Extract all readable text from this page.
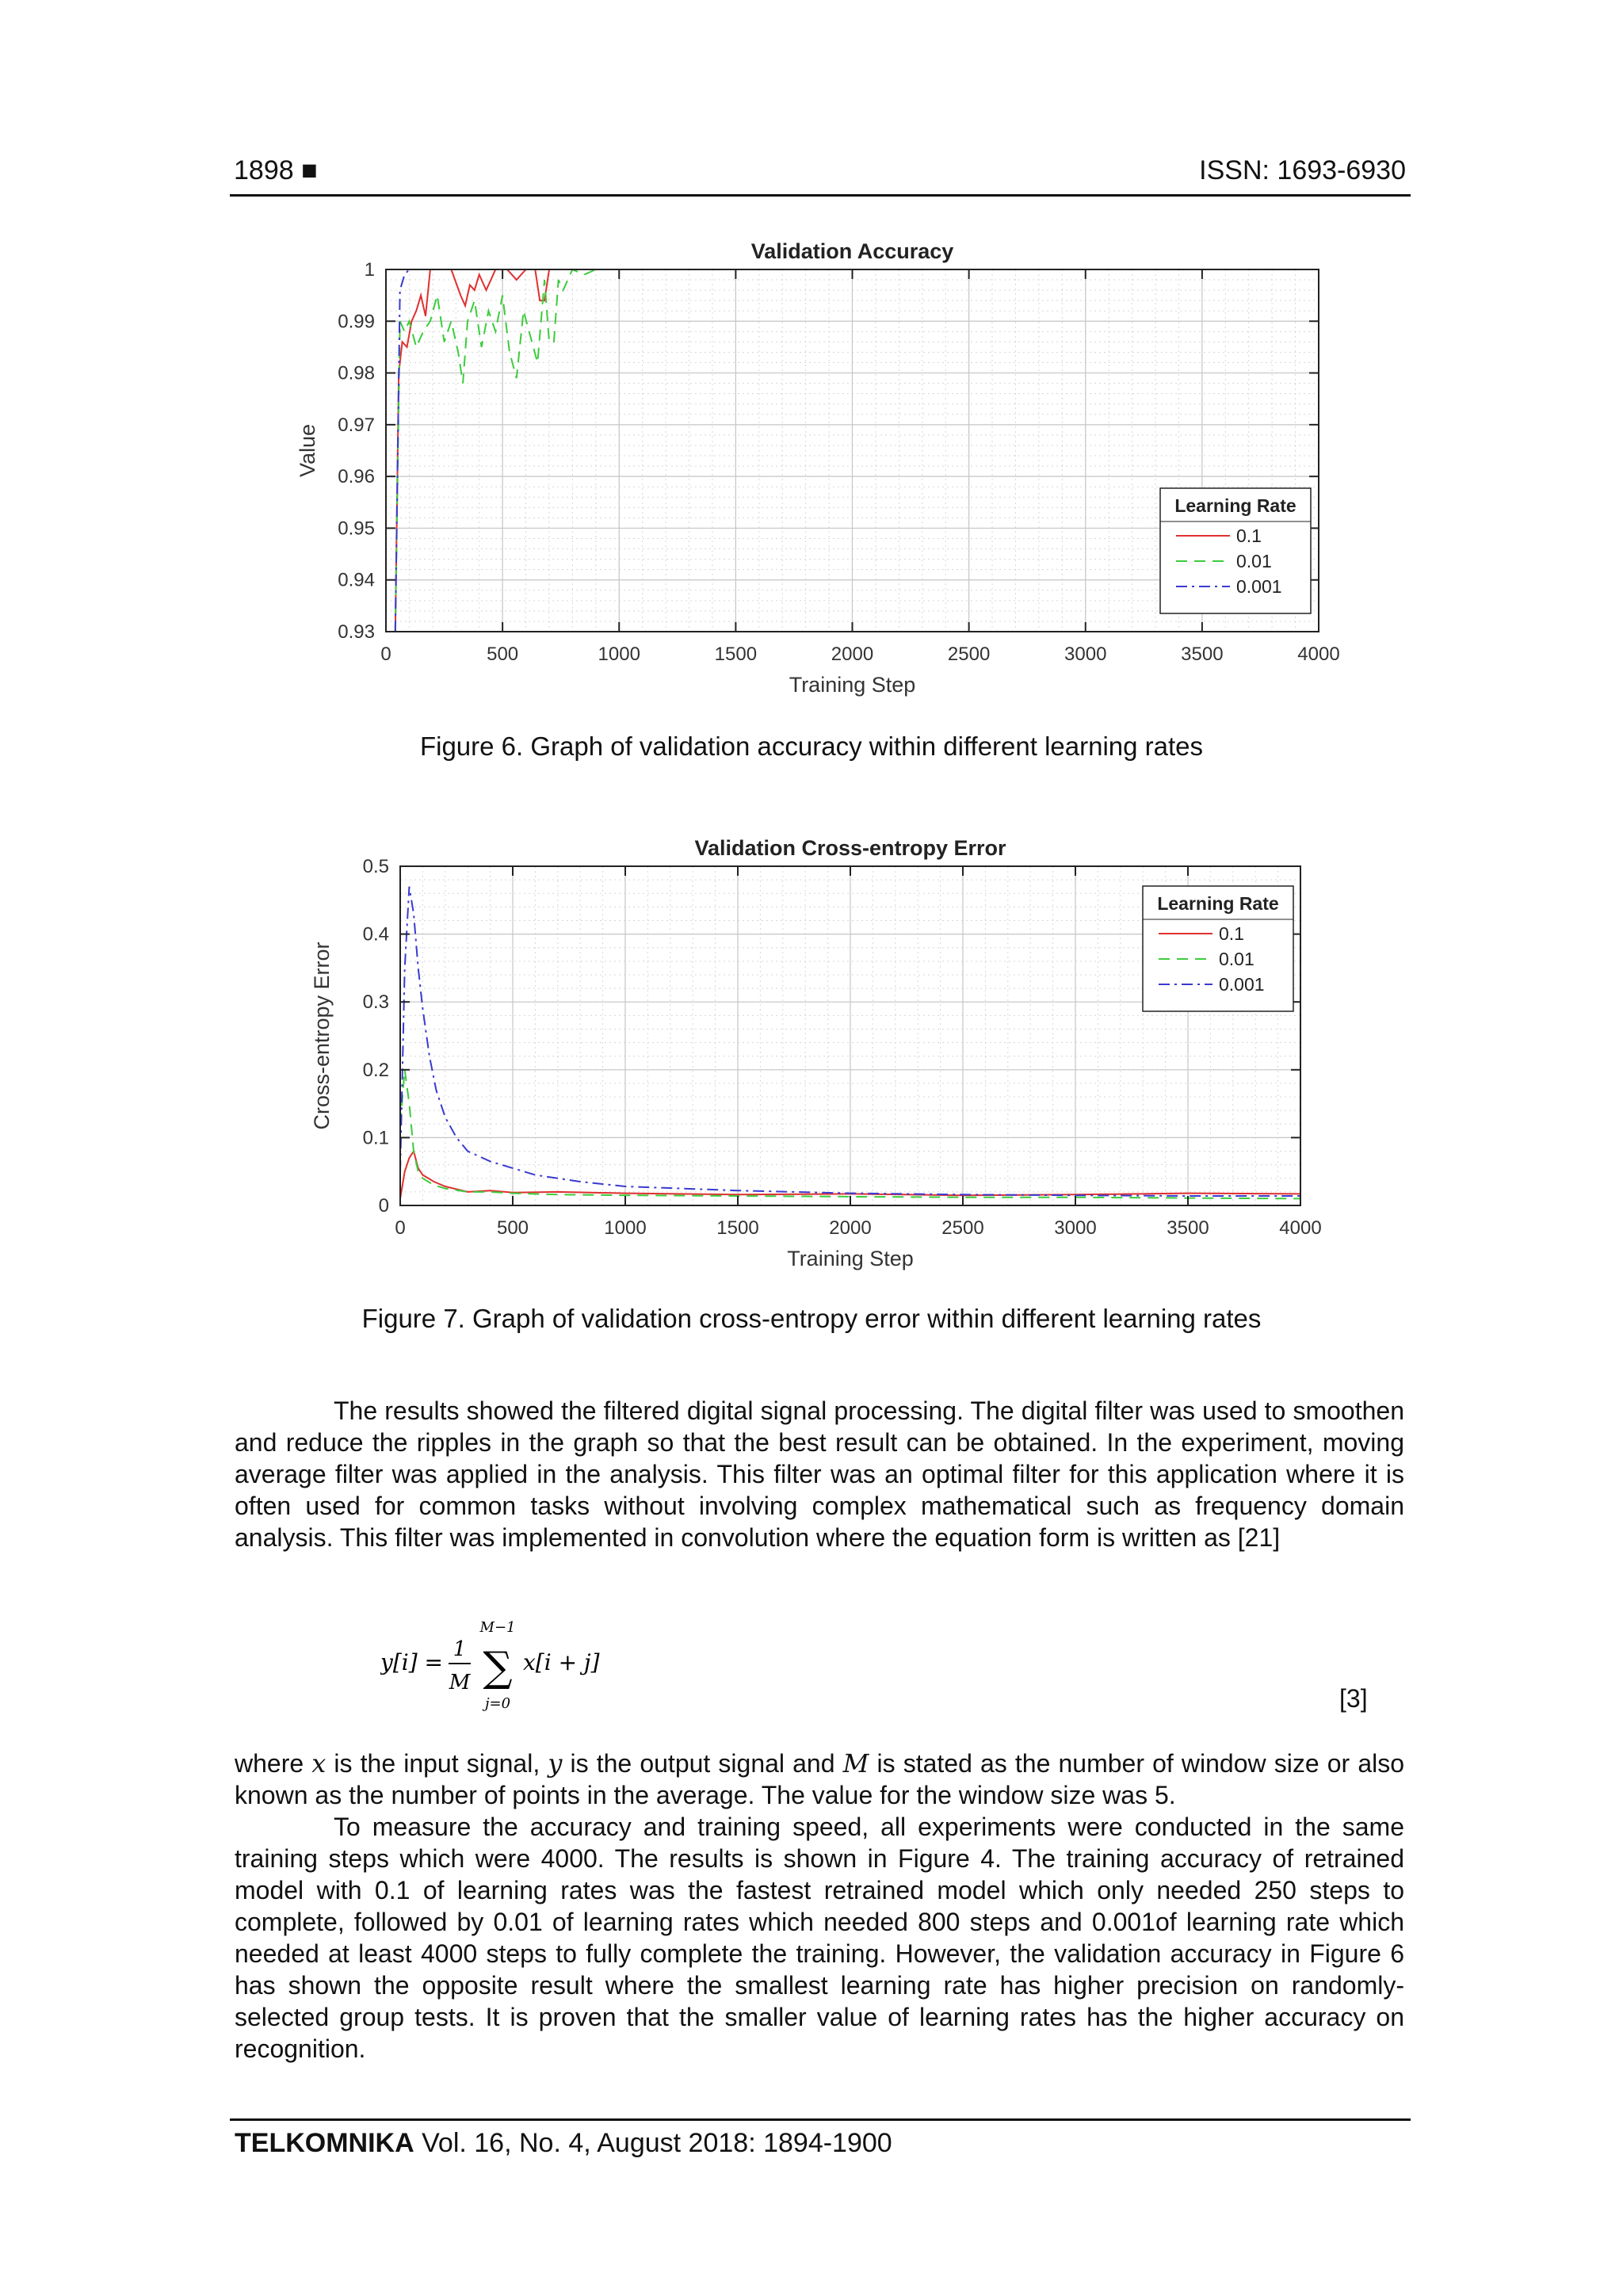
1898 ■	ISSN: 1693-6930
0	500	1000	1500	2000	2500	3000	3500	4000
0.93
0.94
0.95
0.96
0.97
0.98
0.99
1
Validation Accuracy
Training Step
Value
Learning Rate
0.1
0.01
0.001
Figure 6. Graph of validation accuracy within different learning rates
0	500	1000	1500	2000	2500	3000	3500	4000
0
0.1
0.2
0.3
0.4
0.5
Validation Cross-entropy Error
Training Step
Cross-entropy Error
Learning Rate
0.1
0.01
0.001
Figure 7. Graph of validation cross-entropy error within different learning rates

The results showed the filtered digital signal processing. The digital filter was used to smoothen and reduce the ripples in the graph so that the best result can be obtained. In the experiment, moving average filter was applied in the analysis. This filter was an optimal filter for this application where it is often used for common tasks without involving complex mathematical such as frequency domain analysis. This filter was implemented in convolution where the equation form is written as [21]

y[i] = 1
M
M−1
∑
j=0
x[i + j]
[3]

where x is the input signal, y is the output signal and M is stated as the number of window size or also known as the number of points in the average. The value for the window size was 5.

To measure the accuracy and training speed, all experiments were conducted in the same training steps which were 4000. The results is shown in Figure 4. The training accuracy of retrained model with 0.1 of learning rates was the fastest retrained model which only needed 250 steps to complete, followed by 0.01 of learning rates which needed 800 steps and 0.001of learning rate which needed at least 4000 steps to fully complete the training. However, the validation accuracy in Figure 6 has shown the opposite result where the smallest learning rate has higher precision on randomly-selected group tests. It is proven that the smaller value of learning rates has the higher accuracy on recognition.

TELKOMNIKA Vol. 16, No. 4, August 2018: 1894-1900
